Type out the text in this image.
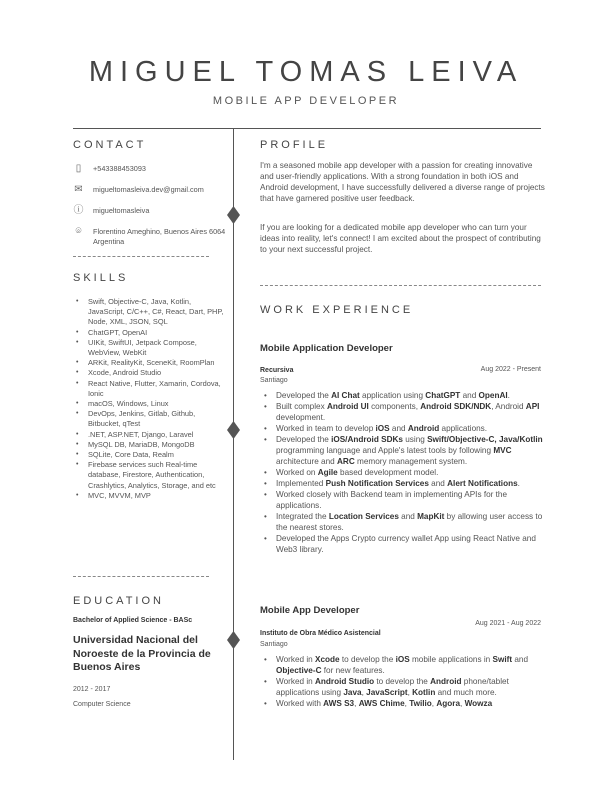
MIGUEL TOMAS LEIVA
MOBILE APP DEVELOPER
CONTACT
▯	+543388453093
✉ migueltomasleiva.dev@gmail.com
ⓘ migueltomasleiva
⌾	Florentino Ameghino, Buenos Aires 6064
Argentina
SKILLS
• Swift, Objective-C, Java, Kotlin, JavaScript, C/C++, C#, React, Dart, PHP, Node, XML, JSON, SQL
• ChatGPT, OpenAI
• UIKit, SwiftUI, Jetpack Compose, WebView, WebKit
• ARKit, RealityKit, SceneKit, RoomPlan
• Xcode, Android Studio
• React Native, Flutter, Xamarin, Cordova, Ionic
• macOS, Windows, Linux
• DevOps, Jenkins, Gitlab, Github, Bitbucket, qTest
• .NET, ASP.NET, Django, Laravel
• MySQL DB, MariaDB, MongoDB
• SQLite, Core Data, Realm
• Firebase services such Real-time database, Firestore, Authentication, Crashlytics, Analytics, Storage, and etc
• MVC, MVVM, MVP
EDUCATION
Bachelor of Applied Science - BASc
Universidad Nacional del Noroeste de la Provincia de Buenos Aires
2012 - 2017
Computer Science
PROFILE
I'm a seasoned mobile app developer with a passion for creating innovative and user-friendly applications. With a strong foundation in both iOS and Android development, I have successfully delivered a diverse range of projects that have garnered positive user feedback.
If you are looking for a dedicated mobile app developer who can turn your ideas into reality, let's connect! I am excited about the prospect of contributing to your next successful project.
WORK EXPERIENCE
Mobile Application Developer
Recursiva	Aug 2022 - Present
Santiago
• Developed the AI Chat application using ChatGPT and OpenAI.
• Built complex Android UI components, Android SDK/NDK, Android API development.
• Worked in team to develop iOS and Android applications.
• Developed the iOS/Android SDKs using Swift/Objective-C, Java/Kotlin programming language and Apple's latest tools by following MVC architecture and ARC memory management system.
• Worked on Agile based development model.
• Implemented Push Notification Services and Alert Notifications.
• Worked closely with Backend team in implementing APIs for the applications.
• Integrated the Location Services and MapKit by allowing user access to the nearest stores.
• Developed the Apps Crypto currency wallet App using React Native and Web3 library.
Mobile App Developer
Aug 2021 - Aug 2022
Instituto de Obra Médico Asistencial
Santiago
• Worked in Xcode to develop the iOS mobile applications in Swift and Objective-C for new features.
• Worked in Android Studio to develop the Android phone/tablet applications using Java, JavaScript, Kotlin and much more.
• Worked with AWS S3, AWS Chime, Twilio, Agora, Wowza
